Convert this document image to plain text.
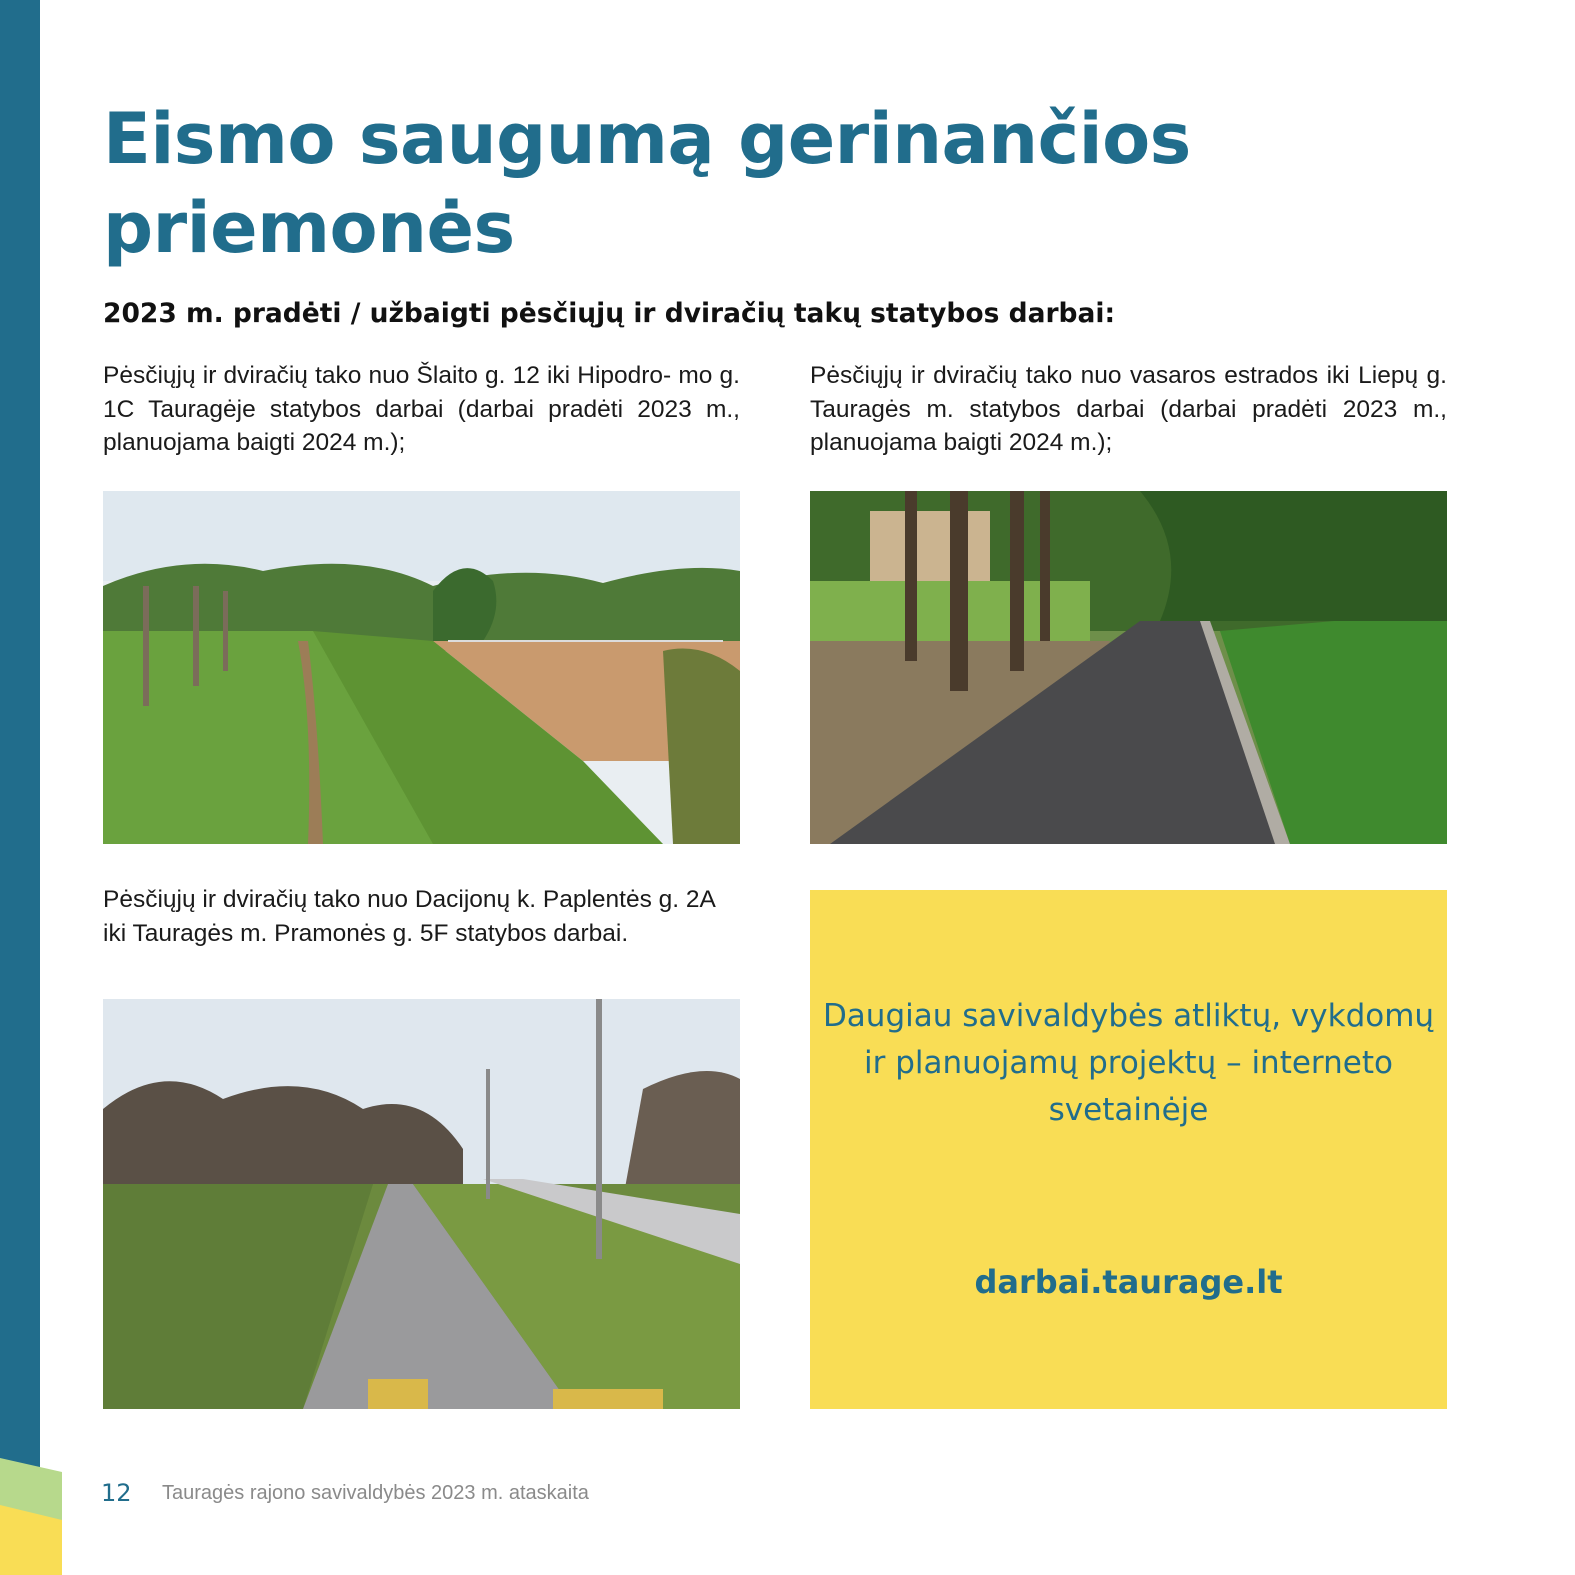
Eismo saugumą gerinančios priemonės

2023 m. pradėti / užbaigti pėsčiųjų ir dviračių takų statybos darbai:

Pėsčiųjų ir dviračių tako nuo Šlaito g. 12 iki Hipodro- mo g. 1C Tauragėje statybos darbai (darbai pradėti 2023 m., planuojama baigti 2024 m.);

Pėsčiųjų ir dviračių tako nuo vasaros estrados iki Liepų g. Tauragės m. statybos darbai (darbai pradėti 2023 m., planuojama baigti 2024 m.);

Pėsčiųjų ir dviračių tako nuo Dacijonų k. Paplentės g. 2A iki Tauragės m. Pramonės g. 5F statybos darbai.

Daugiau savivaldybės atliktų, vykdomų ir planuojamų projektų – interneto svetainėje

darbai.taurage.lt

12 Tauragės rajono savivaldybės 2023 m. ataskaita
